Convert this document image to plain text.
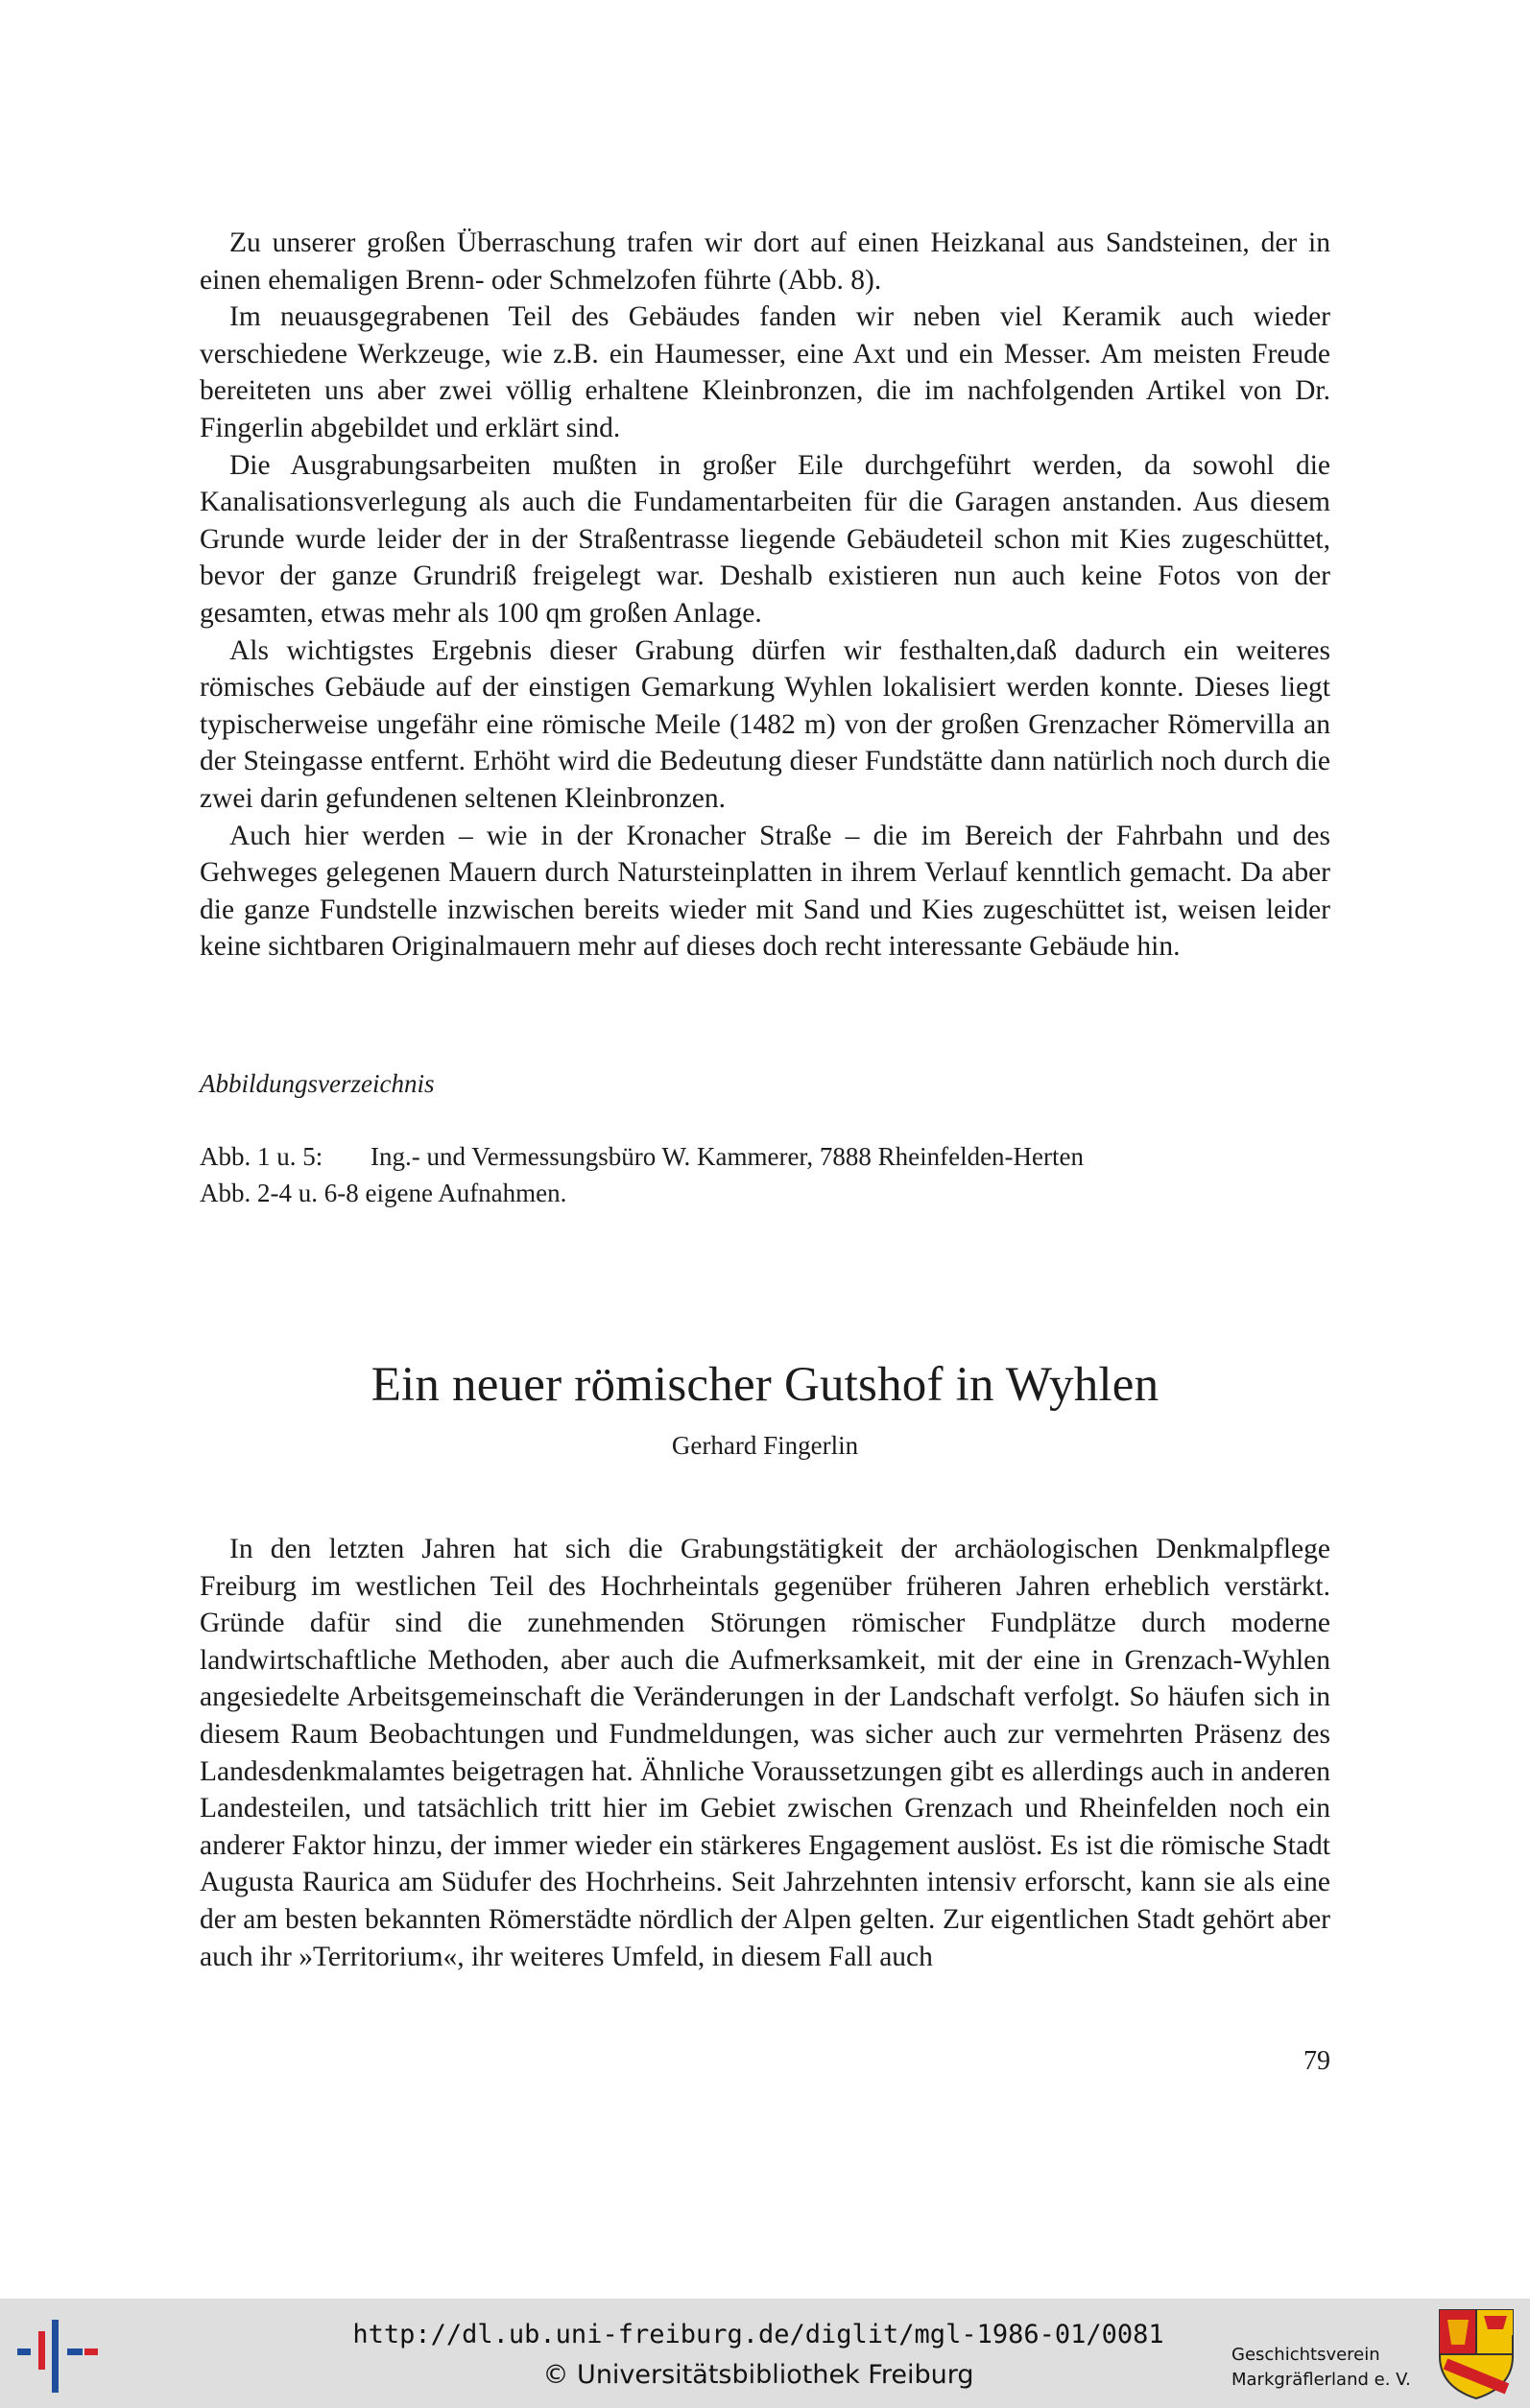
Zu unserer großen Überraschung trafen wir dort auf einen Heizkanal aus Sandsteinen, der in einen ehemaligen Brenn- oder Schmelzofen führte (Abb. 8).

Im neuausgegrabenen Teil des Gebäudes fanden wir neben viel Keramik auch wieder verschiedene Werkzeuge, wie z.B. ein Haumesser, eine Axt und ein Messer. Am meisten Freude bereiteten uns aber zwei völlig erhaltene Kleinbronzen, die im nachfolgenden Artikel von Dr. Fingerlin abgebildet und erklärt sind.

Die Ausgrabungsarbeiten mußten in großer Eile durchgeführt werden, da sowohl die Kanalisationsverlegung als auch die Fundamentarbeiten für die Garagen anstanden. Aus diesem Grunde wurde leider der in der Straßentrasse liegende Gebäudeteil schon mit Kies zugeschüttet, bevor der ganze Grundriß freigelegt war. Deshalb existieren nun auch keine Fotos von der gesamten, etwas mehr als 100 qm großen Anlage.

Als wichtigstes Ergebnis dieser Grabung dürfen wir festhalten,daß dadurch ein weiteres römisches Gebäude auf der einstigen Gemarkung Wyhlen lokalisiert werden konnte. Dieses liegt typischerweise ungefähr eine römische Meile (1482 m) von der großen Grenzacher Römervilla an der Steingasse entfernt. Erhöht wird die Bedeutung dieser Fundstätte dann natürlich noch durch die zwei darin gefundenen seltenen Kleinbronzen.

Auch hier werden – wie in der Kronacher Straße – die im Bereich der Fahrbahn und des Gehweges gelegenen Mauern durch Natursteinplatten in ihrem Verlauf kenntlich gemacht. Da aber die ganze Fundstelle inzwischen bereits wieder mit Sand und Kies zugeschüttet ist, weisen leider keine sichtbaren Originalmauern mehr auf dieses doch recht interessante Gebäude hin.

Abbildungsverzeichnis
Abb. 1 u. 5: Ing.- und Vermessungsbüro W. Kammerer, 7888 Rheinfelden-Herten
Abb. 2-4 u. 6-8 eigene Aufnahmen.
Ein neuer römischer Gutshof in Wyhlen
Gerhard Fingerlin

In den letzten Jahren hat sich die Grabungstätigkeit der archäologischen Denkmalpflege Freiburg im westlichen Teil des Hochrheintals gegenüber früheren Jahren erheblich verstärkt. Gründe dafür sind die zunehmenden Störungen römischer Fundplätze durch moderne landwirtschaftliche Methoden, aber auch die Aufmerksamkeit, mit der eine in Grenzach-Wyhlen angesiedelte Arbeitsgemeinschaft die Veränderungen in der Landschaft verfolgt. So häufen sich in diesem Raum Beobachtungen und Fundmeldungen, was sicher auch zur vermehrten Präsenz des Landesdenkmalamtes beigetragen hat. Ähnliche Voraussetzungen gibt es allerdings auch in anderen Landesteilen, und tatsächlich tritt hier im Gebiet zwischen Grenzach und Rheinfelden noch ein anderer Faktor hinzu, der immer wieder ein stärkeres Engagement auslöst. Es ist die römische Stadt Augusta Raurica am Südufer des Hochrheins. Seit Jahrzehnten intensiv erforscht, kann sie als eine der am besten bekannten Römerstädte nördlich der Alpen gelten. Zur eigentlichen Stadt gehört aber auch ihr »Territorium«, ihr weiteres Umfeld, in diesem Fall auch

79
http://dl.ub.uni-freiburg.de/diglit/mgl-1986-01/0081
© Universitätsbibliothek Freiburg
Geschichtsverein
Markgräflerland e. V.
